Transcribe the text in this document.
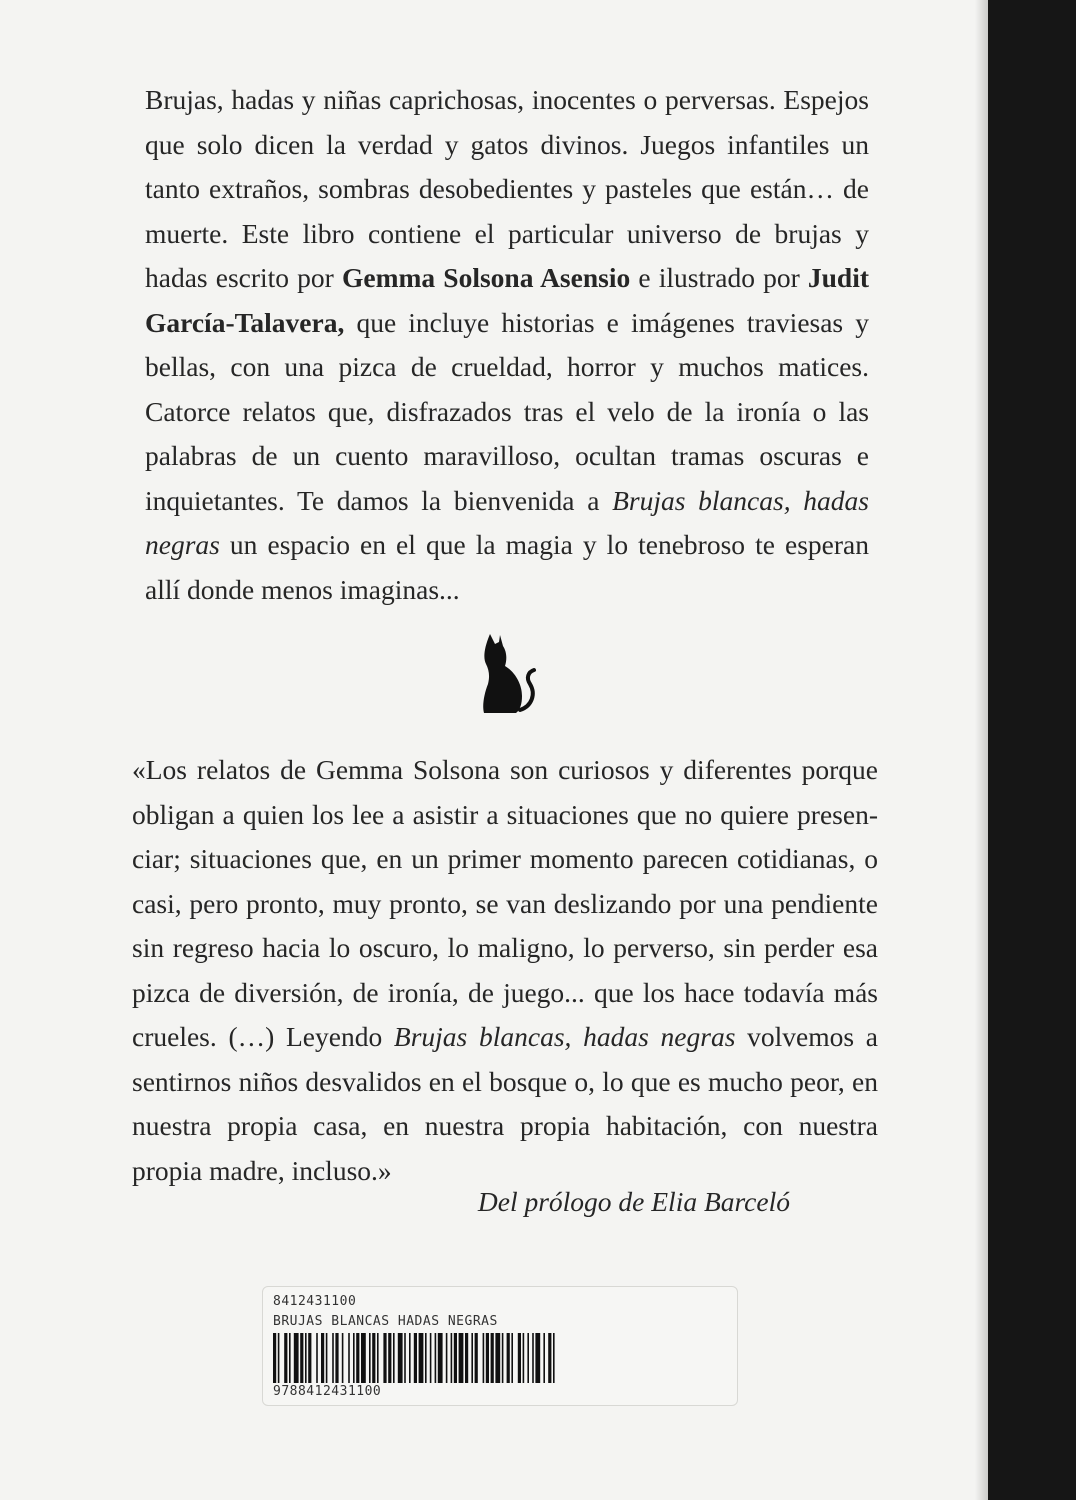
Brujas, hadas y niñas caprichosas, inocentes o perversas. Espejos que solo dicen la verdad y gatos divinos. Juegos infantiles un tanto extraños, sombras desobedientes y pasteles que están… de muerte. Este libro contiene el particular universo de brujas y hadas escrito por Gemma Solsona Asensio e ilustrado por Judit García-Talavera, que incluye historias e imágenes traviesas y bellas, con una pizca de crueldad, horror y muchos matices. Catorce relatos que, disfrazados tras el velo de la ironía o las palabras de un cuento maravilloso, ocultan tramas oscuras e inquietantes. Te damos la bienvenida a Brujas blancas, hadas negras un espacio en el que la magia y lo tenebroso te esperan allí donde menos imaginas...

«Los relatos de Gemma Solsona son curiosos y diferentes porque obligan a quien los lee a asistir a situaciones que no quiere presenciar; situaciones que, en un primer momento parecen cotidianas, o casi, pero pronto, muy pronto, se van deslizando por una pendiente sin regreso hacia lo oscuro, lo maligno, lo perverso, sin perder esa pizca de diversión, de ironía, de juego... que los hace todavía más crueles. (…) Leyendo Brujas blancas, hadas negras volvemos a sentirnos niños desvalidos en el bosque o, lo que es mucho peor, en nuestra propia casa, en nuestra propia habitación, con nuestra propia madre, incluso.»

Del prólogo de Elia Barceló
8412431100
BRUJAS BLANCAS HADAS NEGRAS
9788412431100
